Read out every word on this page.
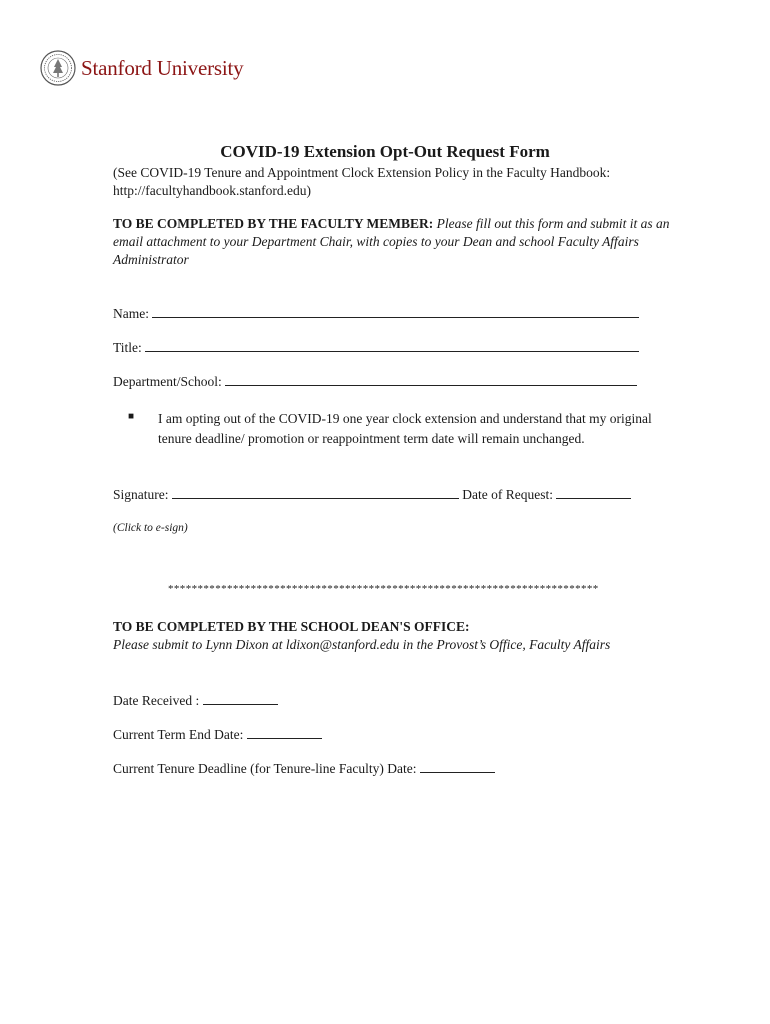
Stanford University
COVID-19 Extension Opt-Out Request Form
(See COVID-19 Tenure and Appointment Clock Extension Policy in the Faculty Handbook: http://facultyhandbook.stanford.edu)
TO BE COMPLETED BY THE FACULTY MEMBER: Please fill out this form and submit it as an email attachment to your Department Chair, with copies to your Dean and school Faculty Affairs Administrator
Name:
Title:
Department/School:
■ I am opting out of the COVID-19 one year clock extension and understand that my original tenure deadline/ promotion or reappointment term date will remain unchanged.
Signature:	Date of Request:
(Click to e-sign)
*************************************************************************
TO BE COMPLETED BY THE SCHOOL DEAN'S OFFICE:
Please submit to Lynn Dixon at ldixon@stanford.edu in the Provost’s Office, Faculty Affairs
Date Received :
Current Term End Date:
Current Tenure Deadline (for Tenure-line Faculty) Date:
